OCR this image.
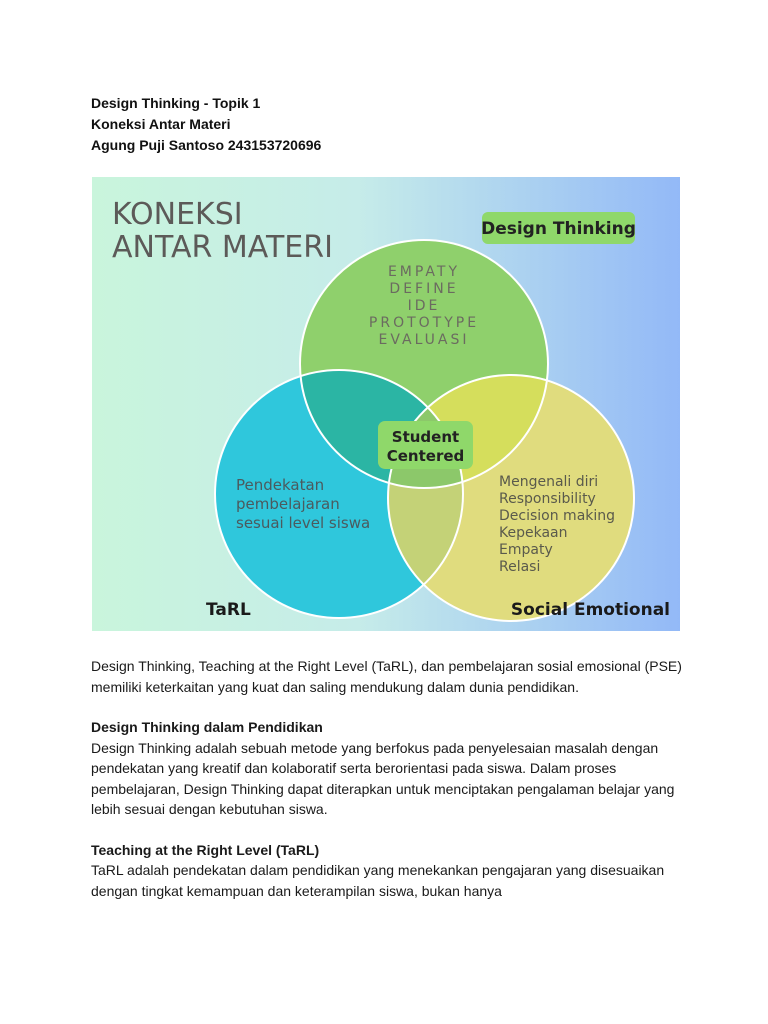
Design Thinking - Topik 1
Koneksi Antar Materi
Agung Puji Santoso 243153720696
KONEKSI
ANTAR MATERI
Design Thinking
EMPATY
DEFINE
IDE
PROTOTYPE
EVALUASI
Student
Centered
Pendekatan
pembelajaran
sesuai level siswa
Mengenali diri
Responsibility
Decision making
Kepekaan
Empaty
Relasi
TaRL	Social Emotional

Design Thinking, Teaching at the Right Level (TaRL), dan pembelajaran sosial emosional (PSE) memiliki keterkaitan yang kuat dan saling mendukung dalam dunia pendidikan.

Design Thinking dalam Pendidikan

Design Thinking adalah sebuah metode yang berfokus pada penyelesaian masalah dengan pendekatan yang kreatif dan kolaboratif serta berorientasi pada siswa. Dalam proses pembelajaran, Design Thinking dapat diterapkan untuk menciptakan pengalaman belajar yang lebih sesuai dengan kebutuhan siswa.

Teaching at the Right Level (TaRL)

TaRL adalah pendekatan dalam pendidikan yang menekankan pengajaran yang disesuaikan dengan tingkat kemampuan dan keterampilan siswa, bukan hanya
